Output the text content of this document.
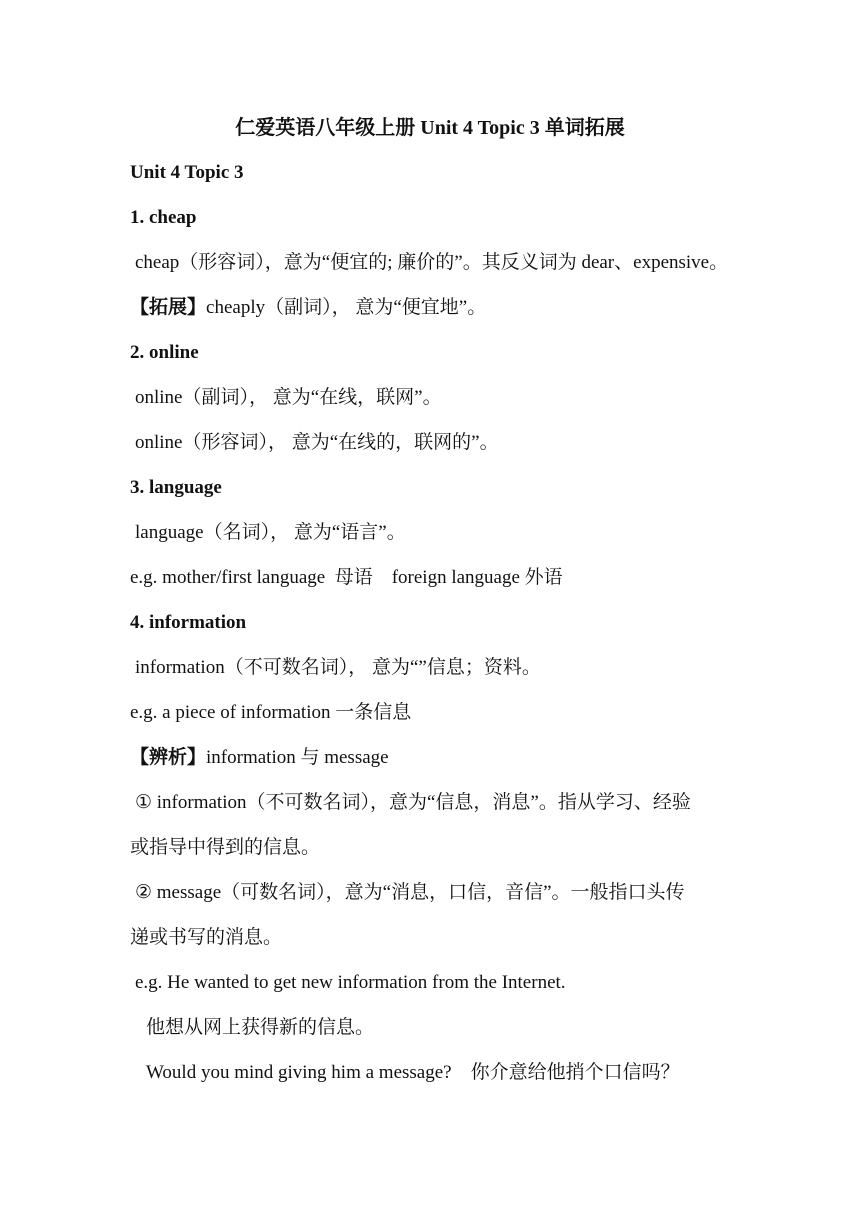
仁爱英语八年级上册 Unit 4 Topic 3 单词拓展
Unit 4 Topic 3
1. cheap
cheap（形容词），意为“便宜的; 廉价的”。其反义词为 dear、expensive。
【拓展】cheaply（副词）， 意为“便宜地”。
2. online
online（副词）， 意为“在线，联网”。
online（形容词）， 意为“在线的，联网的”。
3. language
language（名词）， 意为“语言”。
e.g. mother/first language  母语    foreign language 外语
4. information
information（不可数名词）， 意为“”信息；资料。
e.g. a piece of information 一条信息
【辨析】information 与 message
① information（不可数名词），意为“信息，消息”。指从学习、经验
或指导中得到的信息。
② message（可数名词），意为“消息，口信，音信”。一般指口头传
递或书写的消息。
e.g. He wanted to get new information from the Internet.
他想从网上获得新的信息。
Would you mind giving him a message?    你介意给他捎个口信吗？
